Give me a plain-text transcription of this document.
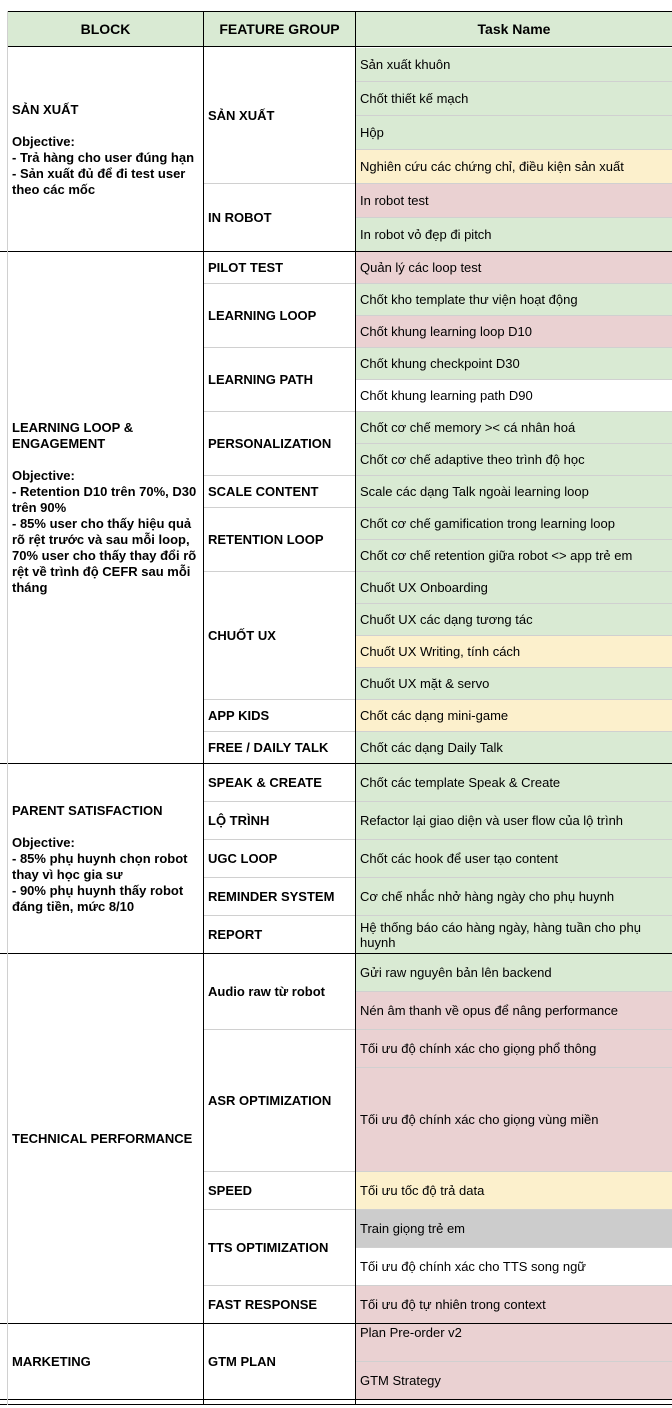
BLOCK	FEATURE GROUP	Task Name
Sản xuất khuôn
Chốt thiết kế mạch
Hộp
Nghiên cứu các chứng chỉ, điều kiện sản xuất
SẢN XUẤT
In robot test
In robot vỏ đẹp đi pitch
IN ROBOT
SẢN XUẤT
Objective:
- Trả hàng cho user đúng hạn
- Sản xuất đủ để đi test user theo các mốc
Quản lý các loop test
PILOT TEST
Chốt kho template thư viện hoạt động
Chốt khung learning loop D10
LEARNING LOOP
Chốt khung checkpoint D30
Chốt khung learning path D90
LEARNING PATH
Chốt cơ chế memory >< cá nhân hoá
Chốt cơ chế adaptive theo trình độ học
PERSONALIZATION
Scale các dạng Talk ngoài learning loop
SCALE CONTENT
Chốt cơ chế gamification trong learning loop
Chốt cơ chế retention giữa robot <> app trẻ em
RETENTION LOOP
Chuốt UX Onboarding
Chuốt UX các dạng tương tác
Chuốt UX Writing, tính cách
Chuốt UX mặt & servo
CHUỐT UX
Chốt các dạng mini-game
APP KIDS
Chốt các dạng Daily Talk
FREE / DAILY TALK
LEARNING LOOP & ENGAGEMENT
Objective:
- Retention D10 trên 70%, D30 trên 90%
- 85% user cho thấy hiệu quả rõ rệt trước và sau mỗi loop, 70% user cho thấy thay đổi rõ rệt về trình độ CEFR sau mỗi tháng
Chốt các template Speak & Create
SPEAK & CREATE
Refactor lại giao diện và user flow của lộ trình
LỘ TRÌNH
Chốt các hook để user tạo content
UGC LOOP
Cơ chế nhắc nhở hàng ngày cho phụ huynh
REMINDER SYSTEM
Hệ thống báo cáo hàng ngày, hàng tuần cho phụ huynh
REPORT
PARENT SATISFACTION
Objective:
- 85% phụ huynh chọn robot thay vì học gia sư
- 90% phụ huynh thấy robot đáng tiền, mức 8/10
Gửi raw nguyên bản lên backend
Nén âm thanh về opus để nâng performance
Audio raw từ robot
Tối ưu độ chính xác cho giọng phổ thông
Tối ưu độ chính xác cho giọng vùng miền
ASR OPTIMIZATION
Tối ưu tốc độ trả data
SPEED
Train giọng trẻ em
Tối ưu độ chính xác cho TTS song ngữ
TTS OPTIMIZATION
Tối ưu độ tự nhiên trong context
FAST RESPONSE
TECHNICAL PERFORMANCE
Plan Pre-order v2
GTM Strategy
GTM PLAN
MARKETING
